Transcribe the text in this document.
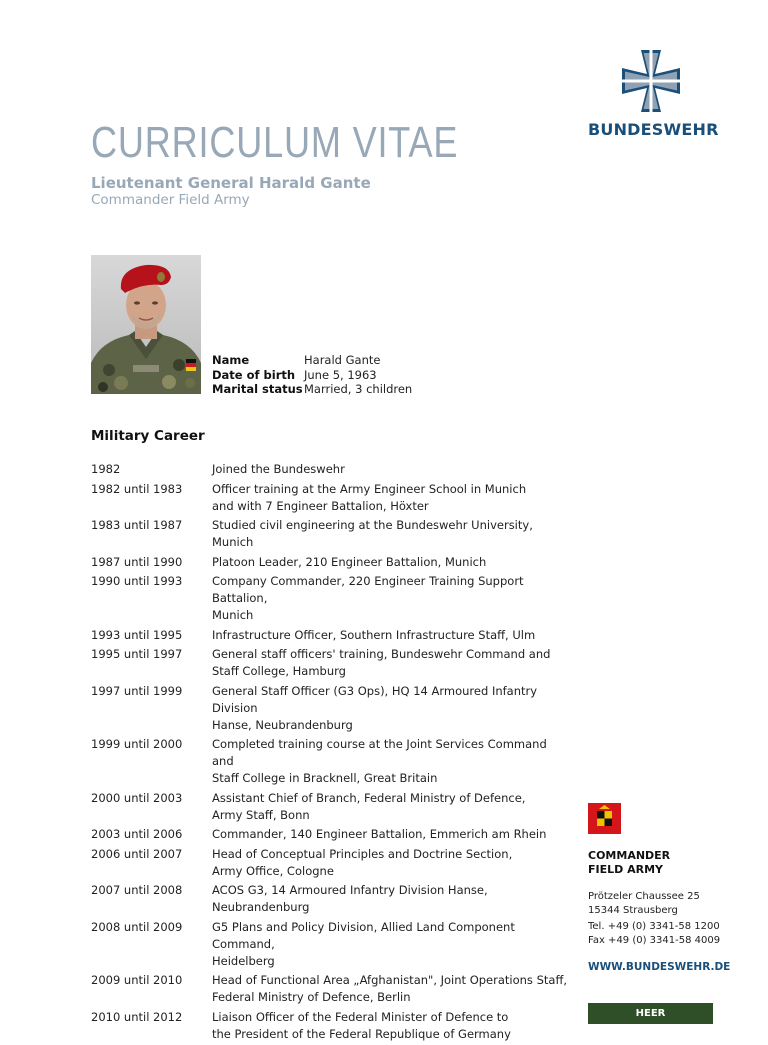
BUNDESWEHR
CURRICULUM VITAE
Lieutenant General Harald Gante
Commander Field Army
Name	Harald Gante
Date of birth June 5, 1963
Marital status Married, 3 children
Military Career
1982	Joined the Bundeswehr
1982 until 1983	Officer training at the Army Engineer School in Munich
and with 7 Engineer Battalion, Höxter
1983 until 1987	Studied civil engineering at the Bundeswehr University, Munich
1987 until 1990	Platoon Leader, 210 Engineer Battalion, Munich
1990 until 1993	Company Commander, 220 Engineer Training Support Battalion,
Munich
1993 until 1995	Infrastructure Officer, Southern Infrastructure Staff, Ulm
1995 until 1997	General staff officers' training, Bundeswehr Command and
Staff College, Hamburg
1997 until 1999	General Staff Officer (G3 Ops), HQ 14 Armoured Infantry Division
Hanse, Neubrandenburg
1999 until 2000	Completed training course at the Joint Services Command and
Staff College in Bracknell, Great Britain
2000 until 2003	Assistant Chief of Branch, Federal Ministry of Defence,
Army Staff, Bonn
2003 until 2006	Commander, 140 Engineer Battalion, Emmerich am Rhein
2006 until 2007	Head of Conceptual Principles and Doctrine Section,
Army Office, Cologne
2007 until 2008	ACOS G3, 14 Armoured Infantry Division Hanse, Neubrandenburg
2008 until 2009	G5 Plans and Policy Division, Allied Land Component Command,
Heidelberg
2009 until 2010	Head of Functional Area „Afghanistan", Joint Operations Staff,
Federal Ministry of Defence, Berlin
2010 until 2012	Liaison Officer of the Federal Minister of Defence to
the President of the Federal Republique of Germany
COMMANDER
FIELD ARMY
Prötzeler Chaussee 25
15344 Strausberg
Tel. +49 (0) 3341-58 1200
Fax +49 (0) 3341-58 4009
WWW.BUNDESWEHR.DE
HEER
